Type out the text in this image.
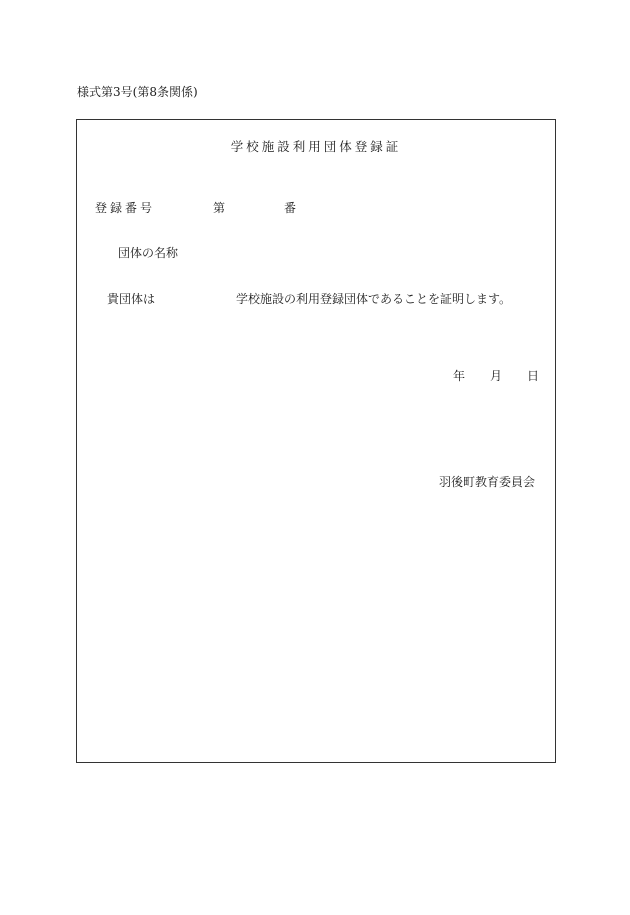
様式第3号(第8条関係)
学校施設利用団体登録証
登録番号	第	番
団体の名称
貴団体は	学校施設の利用登録団体であることを証明します。
年 月 日
羽後町教育委員会
